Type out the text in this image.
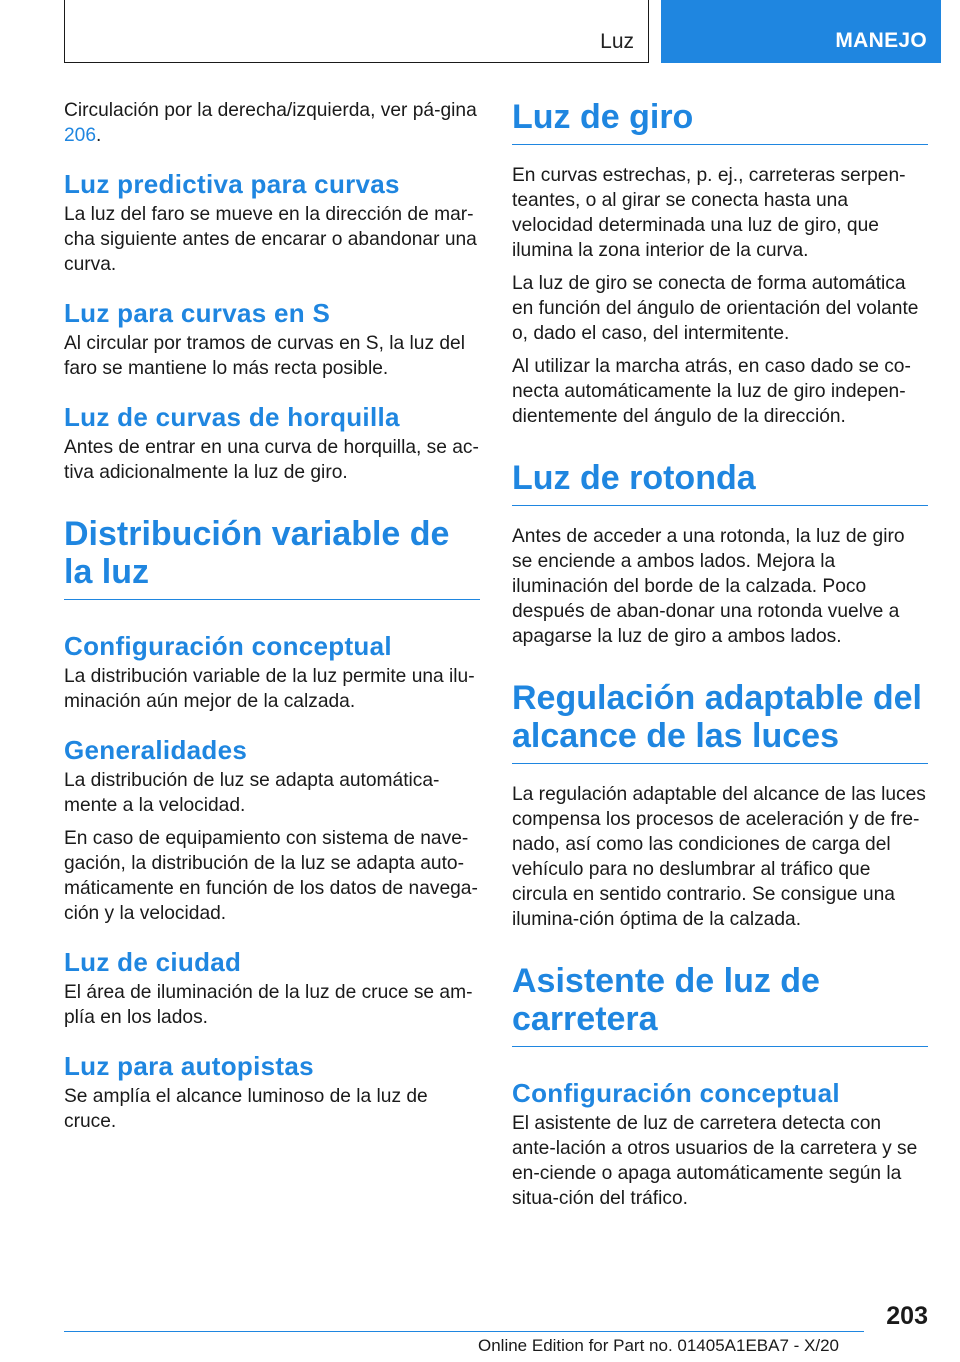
Luz	MANEJO

Circulación por la derecha/izquierda, ver pá-gina 206.

Luz predictiva para curvas

La luz del faro se mueve en la dirección de mar-cha siguiente antes de encarar o abandonar una curva.

Luz para curvas en S

Al circular por tramos de curvas en S, la luz del faro se mantiene lo más recta posible.

Luz de curvas de horquilla

Antes de entrar en una curva de horquilla, se ac-tiva adicionalmente la luz de giro.

Distribución variable de la luz
Configuración conceptual

La distribución variable de la luz permite una ilu-minación aún mejor de la calzada.

Generalidades

La distribución de luz se adapta automática-mente a la velocidad.

En caso de equipamiento con sistema de nave-gación, la distribución de la luz se adapta auto-máticamente en función de los datos de navega-ción y la velocidad.

Luz de ciudad

El área de iluminación de la luz de cruce se am-plía en los lados.

Luz para autopistas

Se amplía el alcance luminoso de la luz de cruce.

Luz de giro

En curvas estrechas, p. ej., carreteras serpen-teantes, o al girar se conecta hasta una velocidad determinada una luz de giro, que ilumina la zona interior de la curva.

La luz de giro se conecta de forma automática en función del ángulo de orientación del volante o, dado el caso, del intermitente.

Al utilizar la marcha atrás, en caso dado se co-necta automáticamente la luz de giro indepen-dientemente del ángulo de la dirección.

Luz de rotonda

Antes de acceder a una rotonda, la luz de giro se enciende a ambos lados. Mejora la iluminación del borde de la calzada. Poco después de aban-donar una rotonda vuelve a apagarse la luz de giro a ambos lados.

Regulación adaptable del alcance de las luces

La regulación adaptable del alcance de las luces compensa los procesos de aceleración y de fre-nado, así como las condiciones de carga del vehículo para no deslumbrar al tráfico que circula en sentido contrario. Se consigue una ilumina-ción óptima de la calzada.

Asistente de luz de carretera
Configuración conceptual

El asistente de luz de carretera detecta con ante-lación a otros usuarios de la carretera y se en-ciende o apaga automáticamente según la situa-ción del tráfico.

203
Online Edition for Part no. 01405A1EBA7 - X/20
